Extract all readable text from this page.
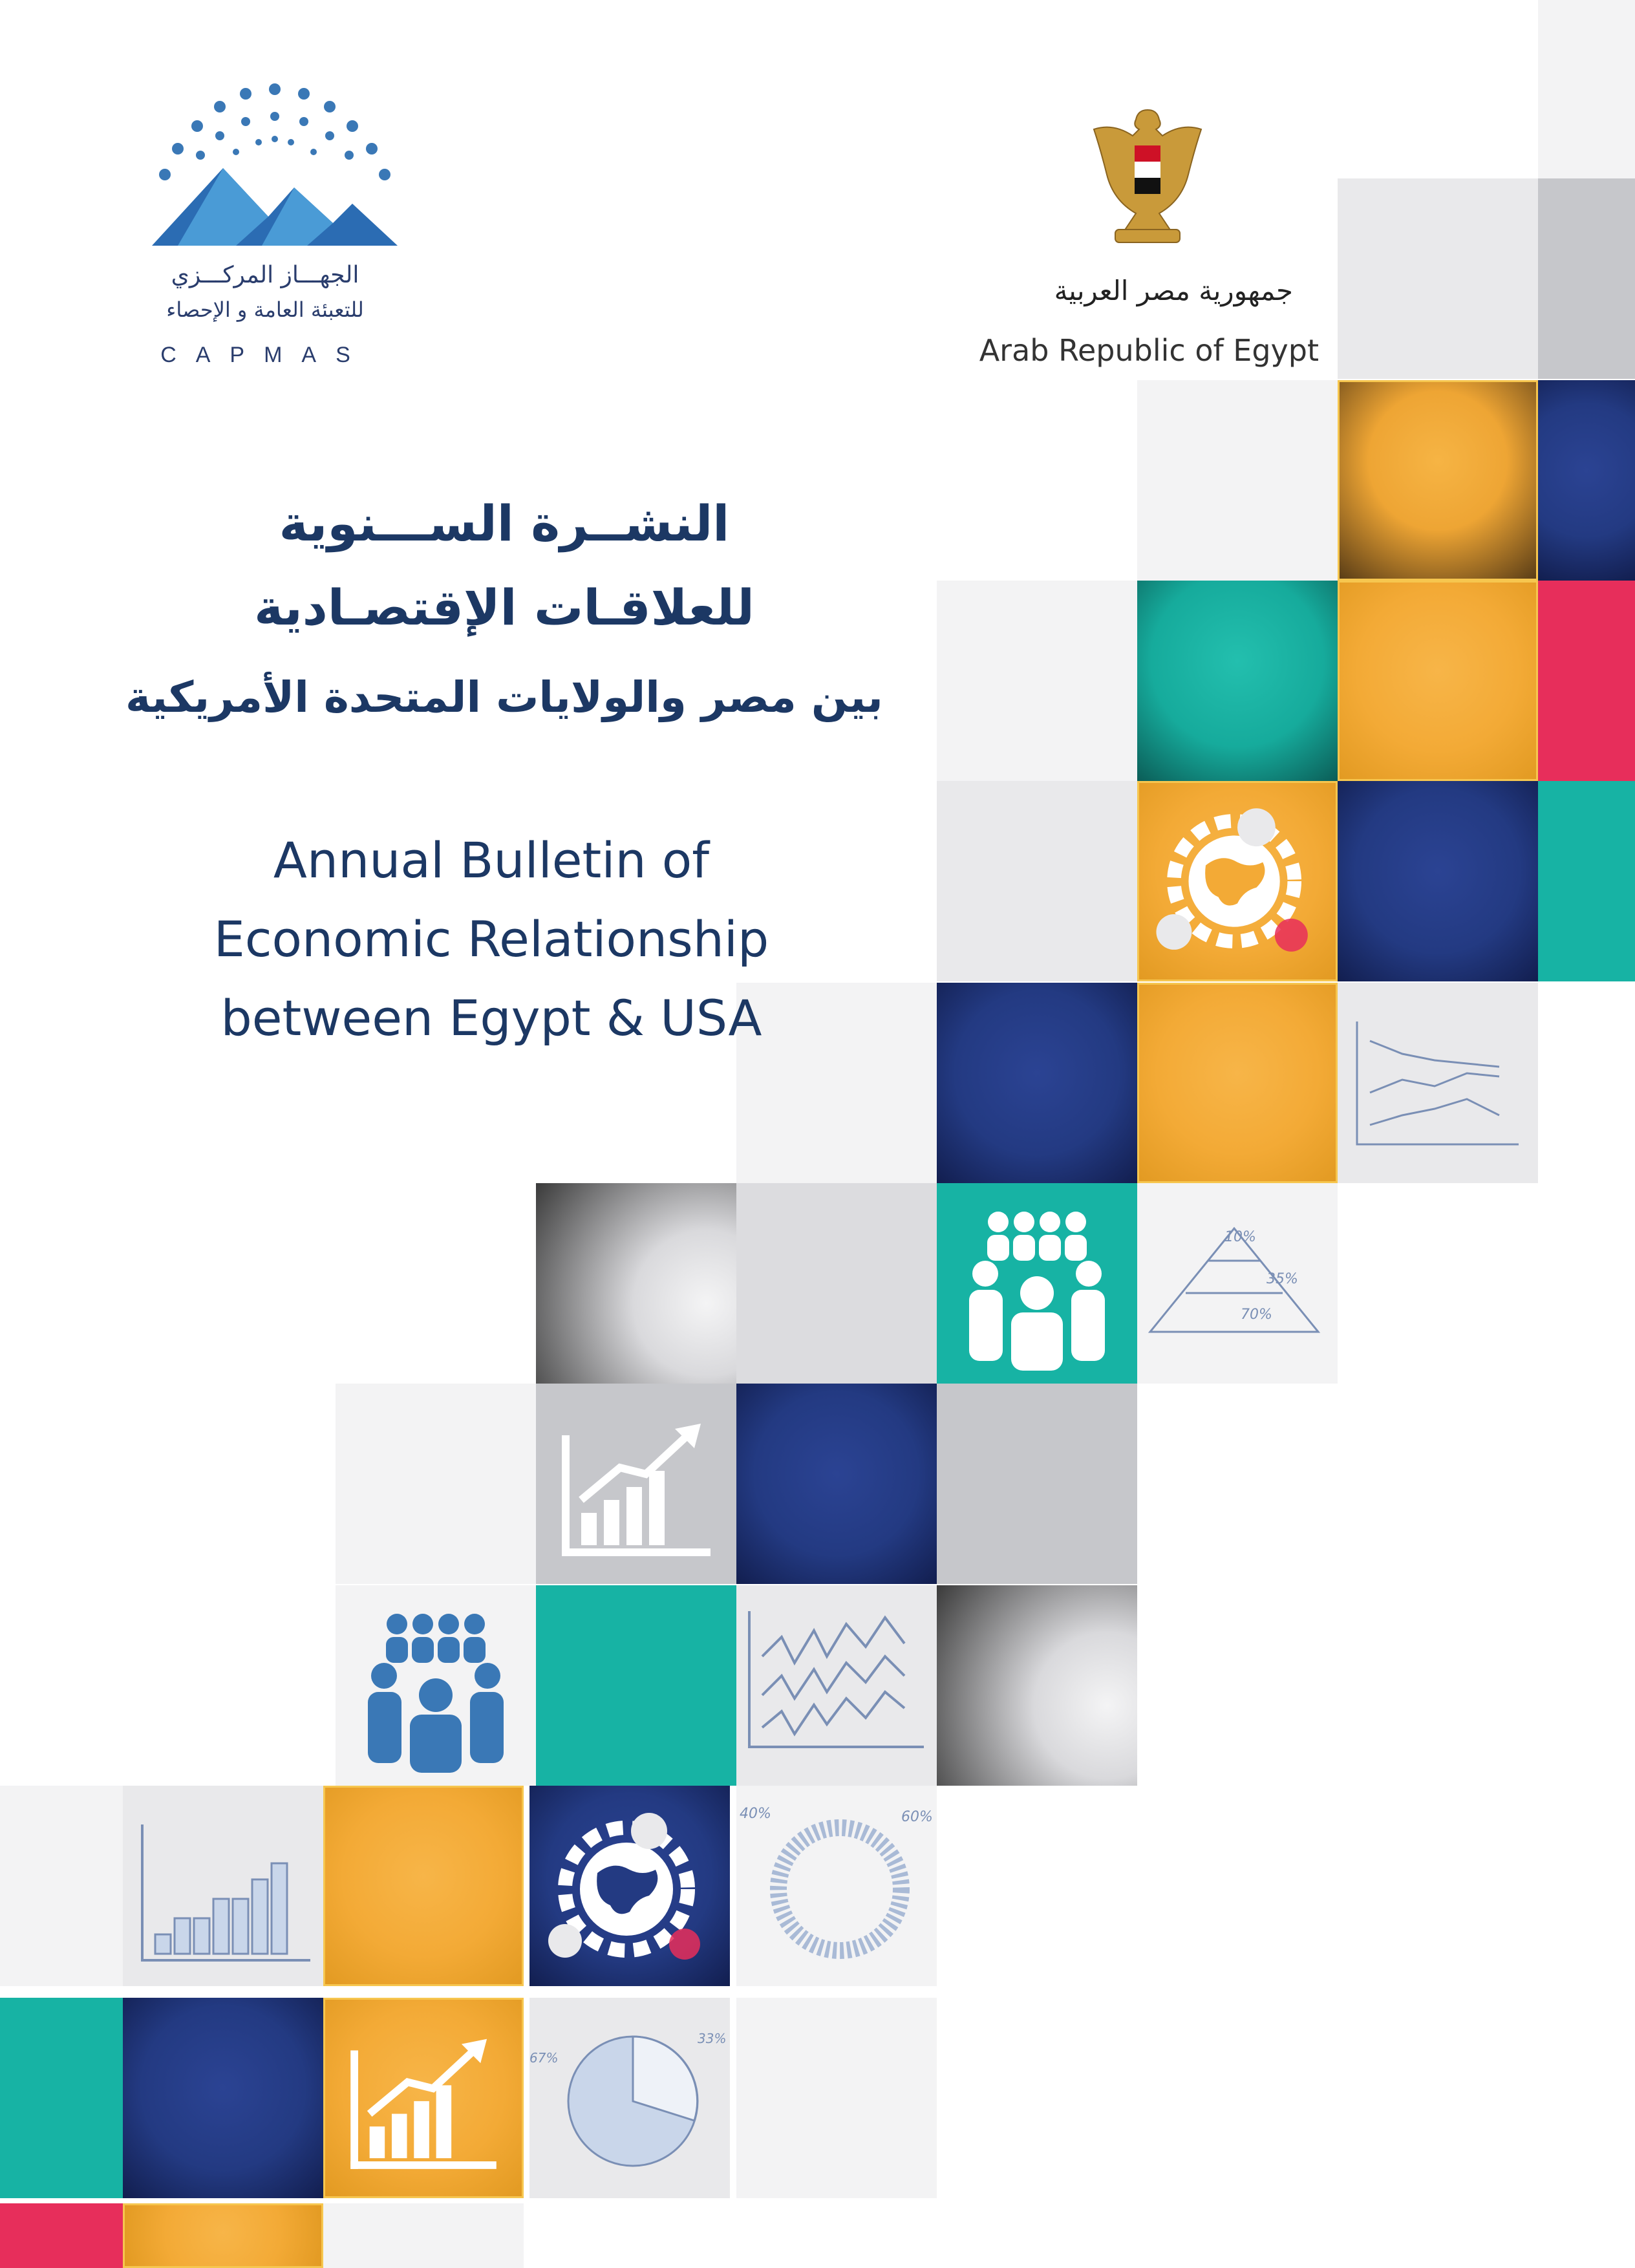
10%
35%
70%
40%	60%
67%
33%
الجهـــاز المركـــزي
للتعبئة العامة و الإحصاء
CAPMAS
جمهورية مصر العربية
Arab Republic of Egypt
النشــرة الســـنوية
للعلاقـات الإقتصـادية
بين مصر والولايات المتحدة الأمريكية
Annual Bulletin of
Economic Relationship
between Egypt & USA
